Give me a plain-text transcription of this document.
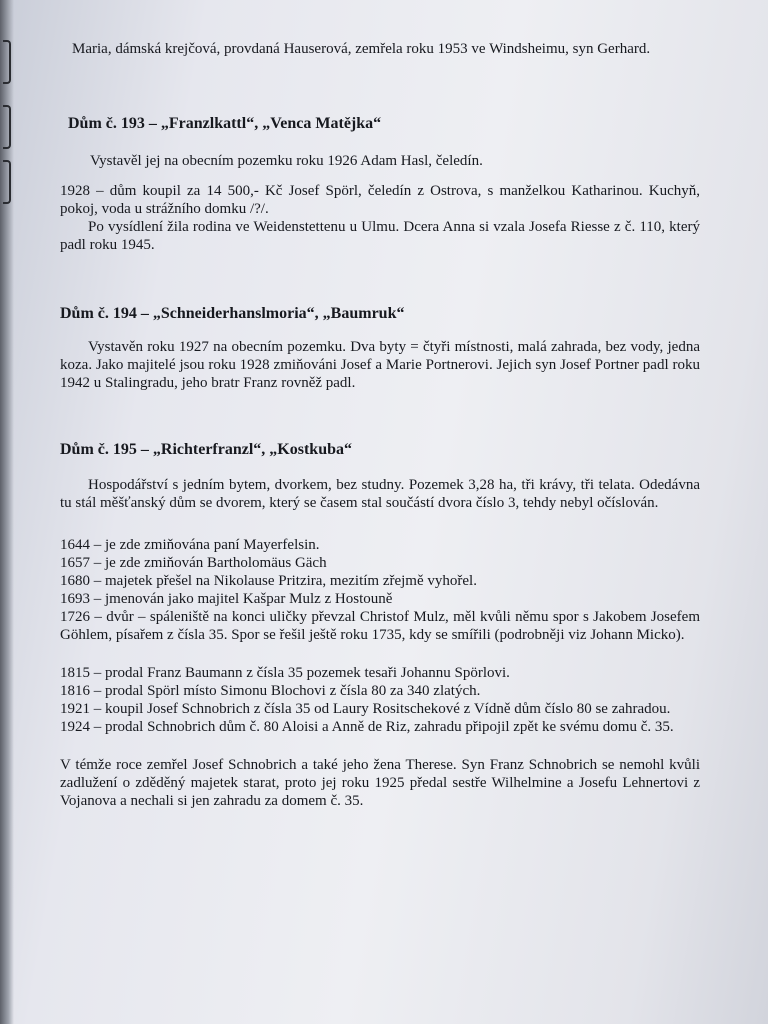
Maria, dámská krejčová, provdaná Hauserová, zemřela roku 1953 ve Windsheimu, syn Gerhard.

Dům č. 193 – „Franzlkattl“, „Venca Matějka“

Vystavěl jej na obecním pozemku roku 1926 Adam Hasl, čeledín.

1928 – dům koupil za 14 500,- Kč Josef Spörl, čeledín z Ostrova, s manželkou Katharinou. Kuchyň, pokoj, voda u strážního domku /?/.

Po vysídlení žila rodina ve Weidenstettenu u Ulmu. Dcera Anna si vzala Josefa Riesse z č. 110, který padl roku 1945.

Dům č. 194 – „Schneiderhanslmoria“, „Baumruk“

Vystavěn roku 1927 na obecním pozemku. Dva byty = čtyři místnosti, malá zahrada, bez vody, jedna koza. Jako majitelé jsou roku 1928 zmiňováni Josef a Marie Portnerovi. Jejich syn Josef Portner padl roku 1942 u Stalingradu, jeho bratr Franz rovněž padl.

Dům č. 195 – „Richterfranzl“, „Kostkuba“

Hospodářství s jedním bytem, dvorkem, bez studny. Pozemek 3,28 ha, tři krávy, tři telata. Odedávna tu stál měšťanský dům se dvorem, který se časem stal součástí dvora číslo 3, tehdy nebyl očíslován.

1644 – je zde zmiňována paní Mayerfelsin.

1657 – je zde zmiňován Bartholomäus Gäch

1680 – majetek přešel na Nikolause Pritzira, mezitím zřejmě vyhořel.

1693 – jmenován jako majitel Kašpar Mulz z Hostouně

1726 – dvůr – spáleniště na konci uličky převzal Christof Mulz, měl kvůli němu spor s Jakobem Josefem Göhlem, písařem z čísla 35. Spor se řešil ještě roku 1735, kdy se smířili (podrobněji viz Johann Micko).

1815 – prodal Franz Baumann z čísla 35 pozemek tesaři Johannu Spörlovi.

1816 – prodal Spörl místo Simonu Blochovi z čísla 80 za 340 zlatých.

1921 – koupil Josef Schnobrich z čísla 35 od Laury Rositschekové z Vídně dům číslo 80 se zahradou.

1924 – prodal Schnobrich dům č. 80 Aloisi a Anně de Riz, zahradu připojil zpět ke svému domu č. 35.

V témže roce zemřel Josef Schnobrich a také jeho žena Therese. Syn Franz Schnobrich se nemohl kvůli zadlužení o zděděný majetek starat, proto jej roku 1925 předal sestře Wilhelmine a Josefu Lehnertovi z Vojanova a nechali si jen zahradu za domem č. 35.
